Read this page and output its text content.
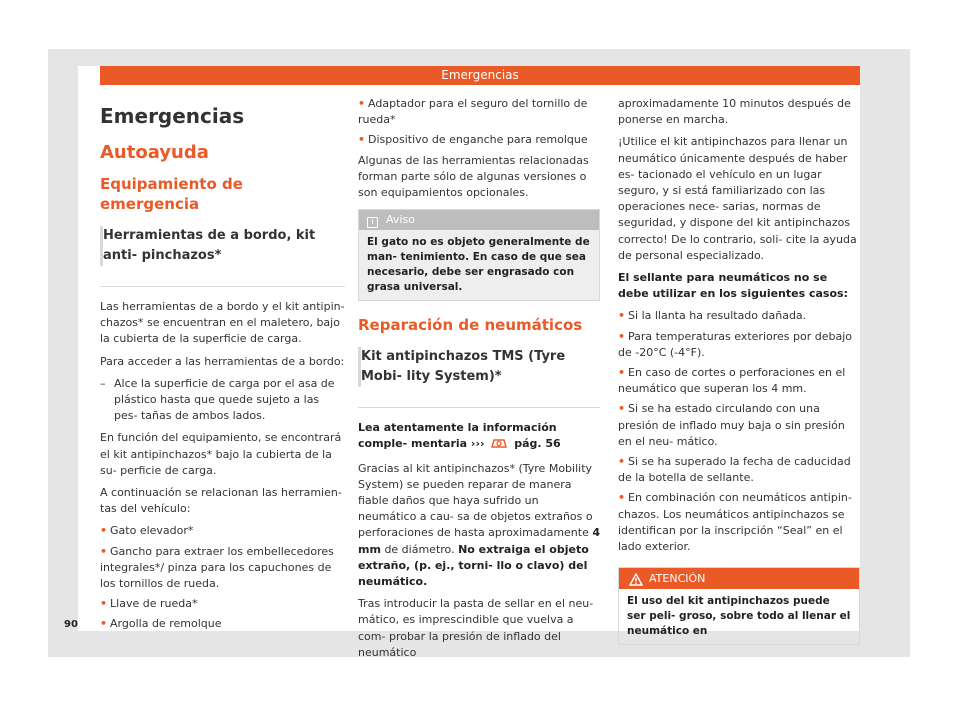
Emergencias
Emergencias
Autoayuda
Equipamiento de emergencia
Herramientas de a bordo, kit anti- pinchazos*

Las herramientas de a bordo y el kit antipin- chazos* se encuentran en el maletero, bajo la cubierta de la superficie de carga.

Para acceder a las herramientas de a bordo:

– Alce la superficie de carga por el asa de plástico hasta que quede sujeto a las pes- tañas de ambos lados.

En función del equipamiento, se encontrará el kit antipinchazos* bajo la cubierta de la su- perficie de carga.

A continuación se relacionan las herramien- tas del vehículo:

• Gato elevador*
• Gancho para extraer los embellecedores integrales*/ pinza para los capuchones de los tornillos de rueda.
• Llave de rueda*
• Argolla de remolque
• Adaptador para el seguro del tornillo de rueda*
• Dispositivo de enganche para remolque

Algunas de las herramientas relacionadas forman parte sólo de algunas versiones o son equipamientos opcionales.

i Aviso
El gato no es objeto generalmente de man- tenimiento. En caso de que sea necesario, debe ser engrasado con grasa universal.
Reparación de neumáticos
Kit antipinchazos TMS (Tyre Mobi- lity System)*

Lea atentamente la información comple- mentaria ›››	pág. 56

Gracias al kit antipinchazos* (Tyre Mobility System) se pueden reparar de manera fiable daños que haya sufrido un neumático a cau- sa de objetos extraños o perforaciones de hasta aproximadamente 4 mm de diámetro. No extraiga el objeto extraño, (p. ej., torni- llo o clavo) del neumático.

Tras introducir la pasta de sellar en el neu- mático, es imprescindible que vuelva a com- probar la presión de inflado del neumático

aproximadamente 10 minutos después de ponerse en marcha.

¡Utilice el kit antipinchazos para llenar un neumático únicamente después de haber es- tacionado el vehículo en un lugar seguro, y si está familiarizado con las operaciones nece- sarias, normas de seguridad, y dispone del kit antipinchazos correcto! De lo contrario, soli- cite la ayuda de personal especializado.

El sellante para neumáticos no se debe utilizar en los siguientes casos:

• Si la llanta ha resultado dañada.
• Para temperaturas exteriores por debajo de -20°C (-4°F).
• En caso de cortes o perforaciones en el neumático que superan los 4 mm.
• Si se ha estado circulando con una presión de inflado muy baja o sin presión en el neu- mático.
• Si se ha superado la fecha de caducidad de la botella de sellante.
• En combinación con neumáticos antipin- chazos. Los neumáticos antipinchazos se identifican por la inscripción “Seal” en el lado exterior.
ATENCIÓN
El uso del kit antipinchazos puede ser peli- groso, sobre todo al llenar el neumático en
90
